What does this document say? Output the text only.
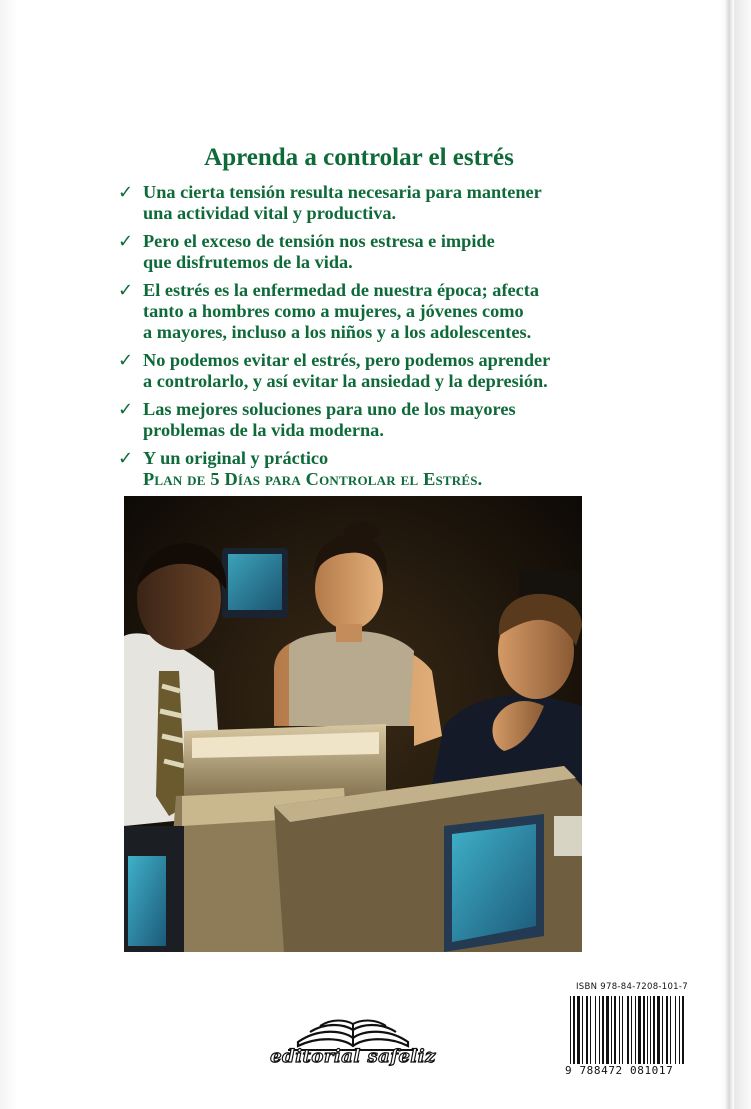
Aprenda a controlar el estrés
✓ Una cierta tensión resulta necesaria para mantener
una actividad vital y productiva.
✓ Pero el exceso de tensión nos estresa e impide
que disfrutemos de la vida.
✓ El estrés es la enfermedad de nuestra época; afecta
tanto a hombres como a mujeres, a jóvenes como
a mayores, incluso a los niños y a los adolescentes.
✓ No podemos evitar el estrés, pero podemos aprender
a controlarlo, y así evitar la ansiedad y la depresión.
✓ Las mejores soluciones para uno de los mayores
problemas de la vida moderna.
✓ Y un original y práctico
Plan de 5 Días para Controlar el Estrés.
ISBN 978-84-7208-101-7
9 788472 081017
editorial safeliz
